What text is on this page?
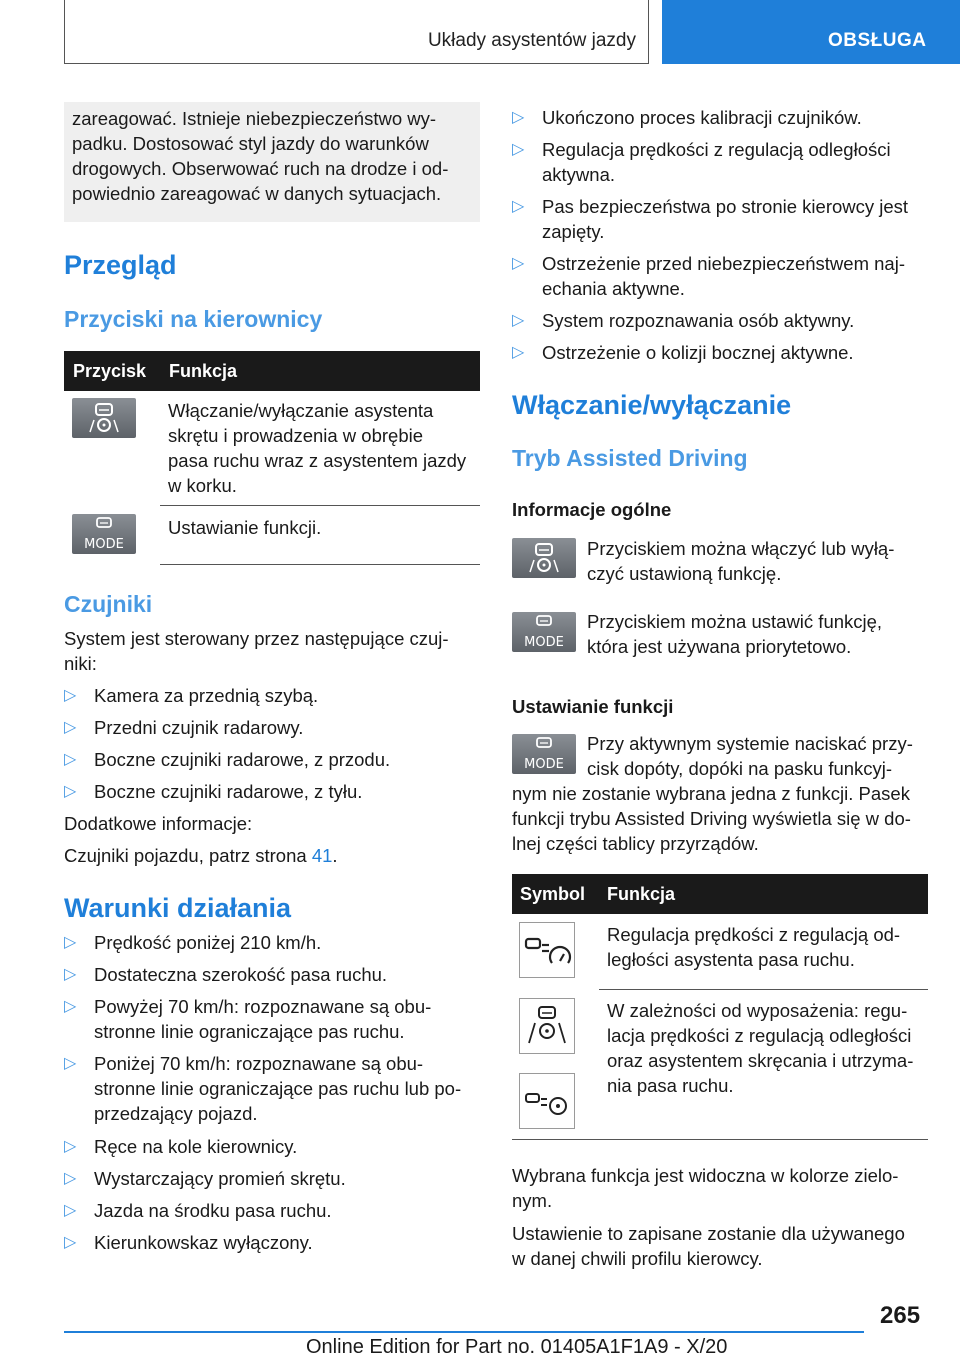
Układy asystentów jazdy	OBSŁUGA
zareagować. Istnieje niebezpieczeństwo wy-
padku. Dostosować styl jazdy do warunków
drogowych. Obserwować ruch na drodze i od-
powiednio zareagować w danych sytuacjach.
Przegląd
Przyciski na kierownicy
Przycisk Funkcja
Włączanie/wyłączanie asystenta
skrętu i prowadzenia w obrębie
pasa ruchu wraz z asystentem jazdy
w korku.
MODE
Ustawianie funkcji.
Czujniki
System jest sterowany przez następujące czuj-
niki:
▷ Kamera za przednią szybą.
▷ Przedni czujnik radarowy.
▷ Boczne czujniki radarowe, z przodu.
▷ Boczne czujniki radarowe, z tyłu.
Dodatkowe informacje:
Czujniki pojazdu, patrz strona 41.
Warunki działania
▷ Prędkość poniżej 210 km/h.
▷ Dostateczna szerokość pasa ruchu.
▷ Powyżej 70 km/h: rozpoznawane są obu-
stronne linie ograniczające pas ruchu.
▷ Poniżej 70 km/h: rozpoznawane są obu-
stronne linie ograniczające pas ruchu lub po-
przedzający pojazd.
▷ Ręce na kole kierownicy.
▷ Wystarczający promień skrętu.
▷ Jazda na środku pasa ruchu.
▷ Kierunkowskaz wyłączony.
▷ Ukończono proces kalibracji czujników.
▷ Regulacja prędkości z regulacją odległości
aktywna.
▷ Pas bezpieczeństwa po stronie kierowcy jest
zapięty.
▷ Ostrzeżenie przed niebezpieczeństwem naj-
echania aktywne.
▷ System rozpoznawania osób aktywny.
▷ Ostrzeżenie o kolizji bocznej aktywne.
Włączanie/wyłączanie
Tryb Assisted Driving
Informacje ogólne
Przyciskiem można włączyć lub wyłą-
czyć ustawioną funkcję.
MODE
Przyciskiem można ustawić funkcję,
która jest używana priorytetowo.
Ustawianie funkcji
MODE
Przy aktywnym systemie naciskać przy-
cisk dopóty, dopóki na pasku funkcyj-
nym nie zostanie wybrana jedna z funkcji. Pasek
funkcji trybu Assisted Driving wyświetla się w do-
lnej części tablicy przyrządów.
Symbol Funkcja
Regulacja prędkości z regulacją od-
ległości asystenta pasa ruchu.
W zależności od wyposażenia: regu-
lacja prędkości z regulacją odległości
oraz asystentem skręcania i utrzyma-
nia pasa ruchu.
Wybrana funkcja jest widoczna w kolorze zielo-
nym.
Ustawienie to zapisane zostanie dla używanego
w danej chwili profilu kierowcy.
265
Online Edition for Part no. 01405A1F1A9 - X/20
